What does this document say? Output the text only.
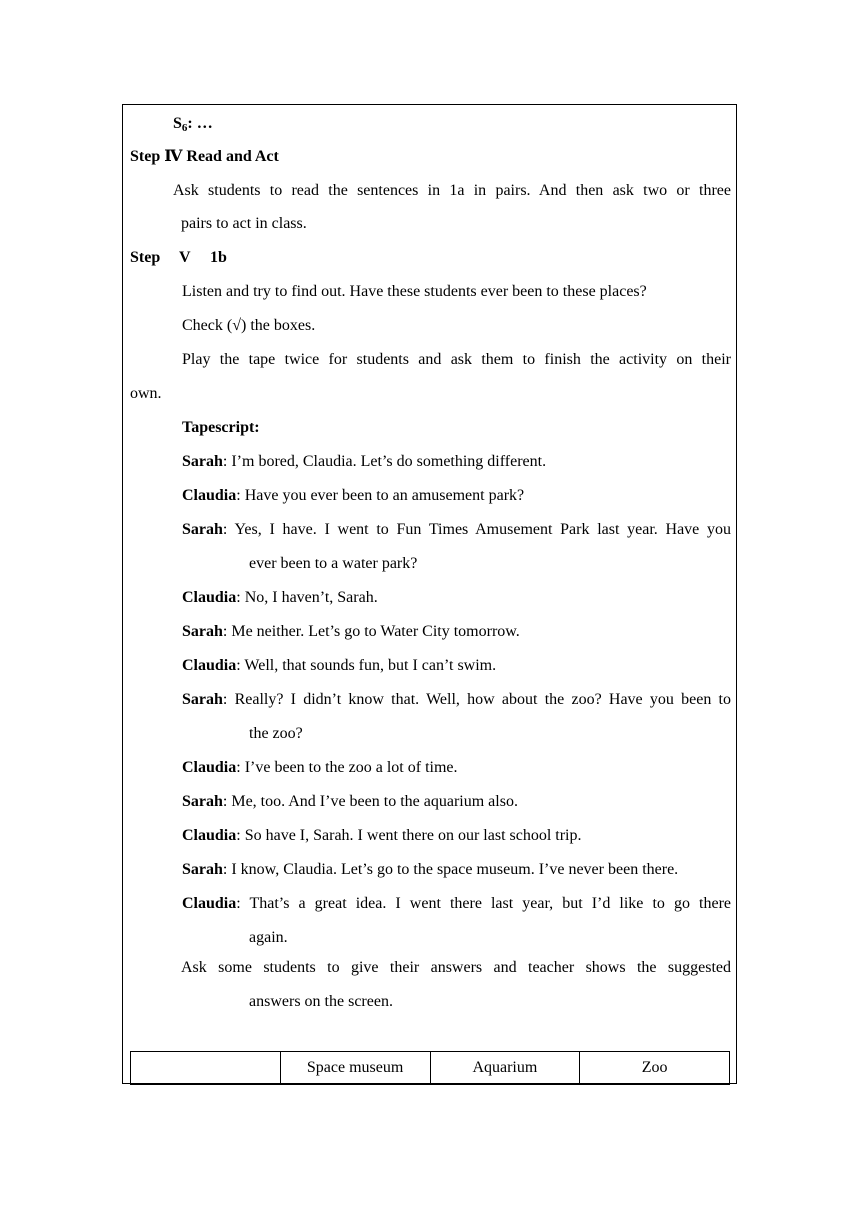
$S_6$: …
Step Ⅳ Read and Act
Ask students to read the sentences in 1a in pairs. And then ask two or three
pairs to act in class.
Step V 1b
Listen and try to find out. Have these students ever been to these places?
Check (√) the boxes.
Play the tape twice for students and ask them to finish the activity on their
own.
Tapescript:
Sarah: I’m bored, Claudia. Let’s do something different.
Claudia: Have you ever been to an amusement park?
Sarah: Yes, I have. I went to Fun Times Amusement Park last year. Have you
ever been to a water park?
Claudia: No, I haven’t, Sarah.
Sarah: Me neither. Let’s go to Water City tomorrow.
Claudia: Well, that sounds fun, but I can’t swim.
Sarah: Really? I didn’t know that. Well, how about the zoo? Have you been to
the zoo?
Claudia: I’ve been to the zoo a lot of time.
Sarah: Me, too. And I’ve been to the aquarium also.
Claudia: So have I, Sarah. I went there on our last school trip.
Sarah: I know, Claudia. Let’s go to the space museum. I’ve never been there.
Claudia: That’s a great idea. I went there last year, but I’d like to go there
again.
Ask some students to give their answers and teacher shows the suggested
answers on the screen.
	Space museum	Aquarium	Zoo
